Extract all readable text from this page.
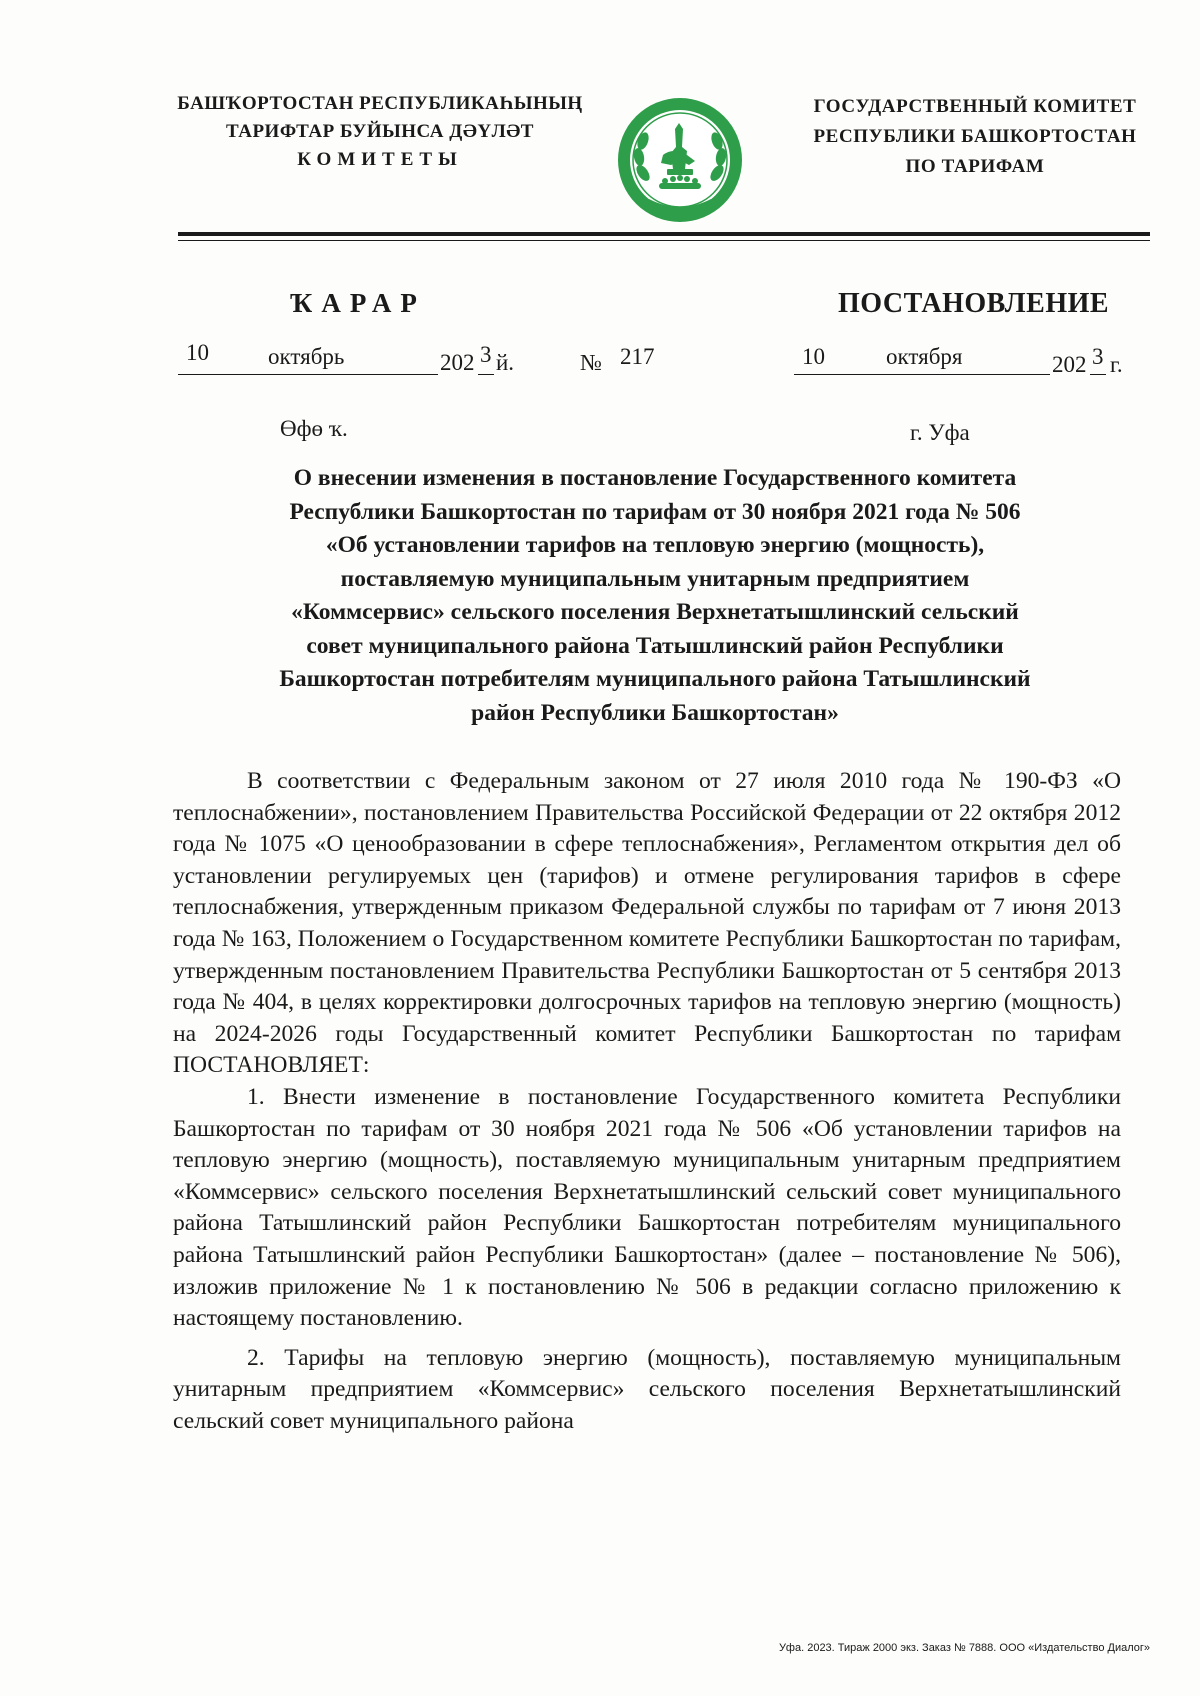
БАШҠОРТОСТАН РЕСПУБЛИКАҺЫНЫҢ
ТАРИФТАР БУЙЫНСА ДӘҮЛӘТ
КОМИТЕТЫ
ГОСУДАРСТВЕННЫЙ КОМИТЕТ
РЕСПУБЛИКИ БАШКОРТОСТАН
ПО ТАРИФАМ
ҠАРАР	ПОСТАНОВЛЕНИЕ
10	октябрь	202 3 й.	№ 217	10	октября	202 3 г.
Өфө ҡ.	г. Уфа
О внесении изменения в постановление Государственного комитета
Республики Башкортостан по тарифам от 30 ноября 2021 года № 506
«Об установлении тарифов на тепловую энергию (мощность),
поставляемую муниципальным унитарным предприятием
«Коммсервис» сельского поселения Верхнетатышлинский сельский
совет муниципального района Татышлинский район Республики
Башкортостан потребителям муниципального района Татышлинский
район Республики Башкортостан»

В соответствии с Федеральным законом от 27 июля 2010 года № 190-ФЗ «О теплоснабжении», постановлением Правительства Российской Федерации от 22 октября 2012 года № 1075 «О ценообразовании в сфере теплоснабжения», Регламентом открытия дел об установлении регулируемых цен (тарифов) и отмене регулирования тарифов в сфере теплоснабжения, утвержденным приказом Федеральной службы по тарифам от 7 июня 2013 года № 163, Положением о Государственном комитете Республики Башкортостан по тарифам, утвержденным постановлением Правительства Республики Башкортостан от 5 сентября 2013 года № 404, в целях корректировки долгосрочных тарифов на тепловую энергию (мощность) на 2024-2026 годы Государственный комитет Республики Башкортостан по тарифам ПОСТАНОВЛЯЕТ:

1. Внести изменение в постановление Государственного комитета Республики Башкортостан по тарифам от 30 ноября 2021 года № 506 «Об установлении тарифов на тепловую энергию (мощность), поставляемую муниципальным унитарным предприятием «Коммсервис» сельского поселения Верхнетатышлинский сельский совет муниципального района Татышлинский район Республики Башкортостан потребителям муниципального района Татышлинский район Республики Башкортостан» (далее – постановление № 506), изложив приложение № 1 к постановлению № 506 в редакции согласно приложению к настоящему постановлению.

2. Тарифы на тепловую энергию (мощность), поставляемую муниципальным унитарным предприятием «Коммсервис» сельского поселения Верхнетатышлинский сельский совет муниципального района

Уфа. 2023. Тираж 2000 экз. Заказ № 7888. ООО «Издательство Диалог»
